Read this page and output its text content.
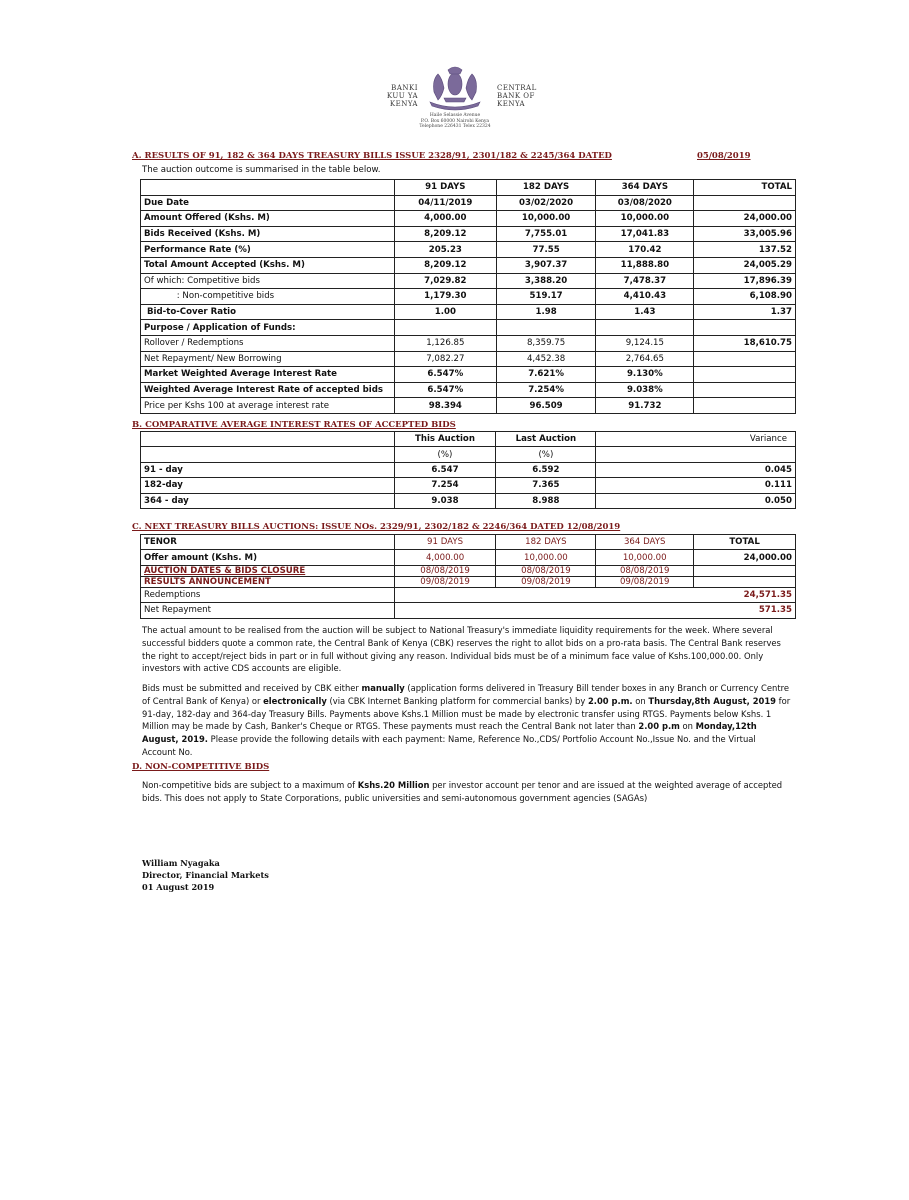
BANKI
KUU YA
KENYA
CENTRAL
BANK OF
KENYA
Haile Selassie Avenue
P.O. Box 60000 Nairobi Kenya
Telephone 226431 Telex 22324
A. RESULTS OF 91, 182 & 364 DAYS TREASURY BILLS ISSUE 2328/91, 2301/182 & 2245/364 DATED	05/08/2019
The auction outcome is summarised in the table below.
	91 DAYS	182 DAYS	364 DAYS	TOTAL
Due Date	04/11/2019	03/02/2020	03/08/2020	
Amount Offered (Kshs. M)	4,000.00	10,000.00	10,000.00	24,000.00
Bids Received (Kshs. M)	8,209.12	7,755.01	17,041.83	33,005.96
Performance Rate (%)	205.23	77.55	170.42	137.52
Total Amount Accepted (Kshs. M)	8,209.12	3,907.37	11,888.80	24,005.29
Of which: Competitive bids	7,029.82	3,388.20	7,478.37	17,896.39
: Non-competitive bids	1,179.30	519.17	4,410.43	6,108.90
Bid-to-Cover Ratio	1.00	1.98	1.43	1.37
Purpose / Application of Funds:				
Rollover / Redemptions	1,126.85	8,359.75	9,124.15	18,610.75
Net Repayment/ New Borrowing	7,082.27	4,452.38	2,764.65	
Market Weighted Average Interest Rate	6.547%	7.621%	9.130%	
Weighted Average Interest Rate of accepted bids	6.547%	7.254%	9.038%	
Price per Kshs 100 at average interest rate	98.394	96.509	91.732	
B. COMPARATIVE AVERAGE INTEREST RATES OF ACCEPTED BIDS
	This Auction	Last Auction	Variance
	(%)	(%)	
91 - day	6.547	6.592	0.045
182-day	7.254	7.365	0.111
364 - day	9.038	8.988	0.050
C. NEXT TREASURY BILLS AUCTIONS: ISSUE NOs. 2329/91, 2302/182 & 2246/364 DATED 12/08/2019
TENOR	91 DAYS	182 DAYS	364 DAYS	TOTAL
Offer amount (Kshs. M)	4,000.00	10,000.00	10,000.00	24,000.00
AUCTION DATES & BIDS CLOSURE	08/08/2019	08/08/2019	08/08/2019	
RESULTS ANNOUNCEMENT	09/08/2019	09/08/2019	09/08/2019	
Redemptions	24,571.35			
Net Repayment	571.35			
The actual amount to be realised from the auction will be subject to National Treasury's immediate liquidity requirements for the week. Where several successful bidders quote a common rate, the Central Bank of Kenya (CBK) reserves the right to allot bids on a pro-rata basis. The Central Bank reserves the right to accept/reject bids in part or in full without giving any reason. Individual bids must be of a minimum face value of Kshs.100,000.00. Only investors with active CDS accounts are eligible.
Bids must be submitted and received by CBK either manually (application forms delivered in Treasury Bill tender boxes in any Branch or Currency Centre of Central Bank of Kenya) or electronically (via CBK Internet Banking platform for commercial banks) by 2.00 p.m. on Thursday,8th August, 2019 for 91-day, 182-day and 364-day Treasury Bills. Payments above Kshs.1 Million must be made by electronic transfer using RTGS. Payments below Kshs. 1 Million may be made by Cash, Banker's Cheque or RTGS. These payments must reach the Central Bank not later than 2.00 p.m on Monday,12th August, 2019. Please provide the following details with each payment: Name, Reference No.,CDS/ Portfolio Account No.,Issue No. and the Virtual Account No.
D. NON-COMPETITIVE BIDS
Non-competitive bids are subject to a maximum of Kshs.20 Million per investor account per tenor and are issued at the weighted average of accepted bids. This does not apply to State Corporations, public universities and semi-autonomous government agencies (SAGAs)
William Nyagaka
Director, Financial Markets
01 August 2019
